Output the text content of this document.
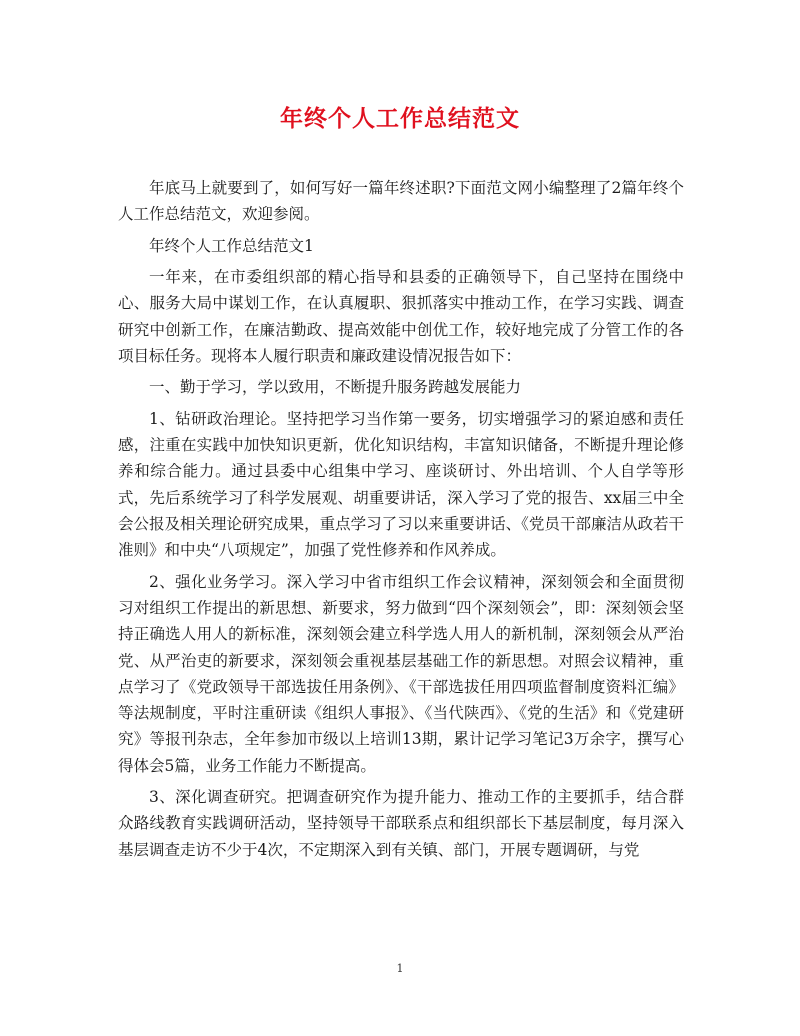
年终个人工作总结范文

年底马上就要到了，如何写好一篇年终述职?下面范文网小编整理了2篇年终个人工作总结范文，欢迎参阅。

年终个人工作总结范文1

一年来，在市委组织部的精心指导和县委的正确领导下，自己坚持在围绕中心、服务大局中谋划工作，在认真履职、狠抓落实中推动工作，在学习实践、调查研究中创新工作，在廉洁勤政、提高效能中创优工作，较好地完成了分管工作的各项目标任务。现将本人履行职责和廉政建设情况报告如下：

一、勤于学习，学以致用，不断提升服务跨越发展能力

1、钻研政治理论。坚持把学习当作第一要务，切实增强学习的紧迫感和责任感，注重在实践中加快知识更新，优化知识结构，丰富知识储备，不断提升理论修养和综合能力。通过县委中心组集中学习、座谈研讨、外出培训、个人自学等形式，先后系统学习了科学发展观、胡重要讲话，深入学习了党的报告、xx届三中全会公报及相关理论研究成果，重点学习了习以来重要讲话、《党员干部廉洁从政若干准则》和中央“八项规定”，加强了党性修养和作风养成。

2、强化业务学习。深入学习中省市组织工作会议精神，深刻领会和全面贯彻习对组织工作提出的新思想、新要求，努力做到“四个深刻领会”，即：深刻领会坚持正确选人用人的新标准，深刻领会建立科学选人用人的新机制，深刻领会从严治党、从严治吏的新要求，深刻领会重视基层基础工作的新思想。对照会议精神，重点学习了《党政领导干部选拔任用条例》、《干部选拔任用四项监督制度资料汇编》等法规制度，平时注重研读《组织人事报》、《当代陕西》、《党的生活》和《党建研究》等报刊杂志，全年参加市级以上培训13期，累计记学习笔记3万余字，撰写心得体会5篇，业务工作能力不断提高。

3、深化调查研究。把调查研究作为提升能力、推动工作的主要抓手，结合群众路线教育实践调研活动，坚持领导干部联系点和组织部长下基层制度，每月深入基层调查走访不少于4次，不定期深入到有关镇、部门，开展专题调研，与党

1
